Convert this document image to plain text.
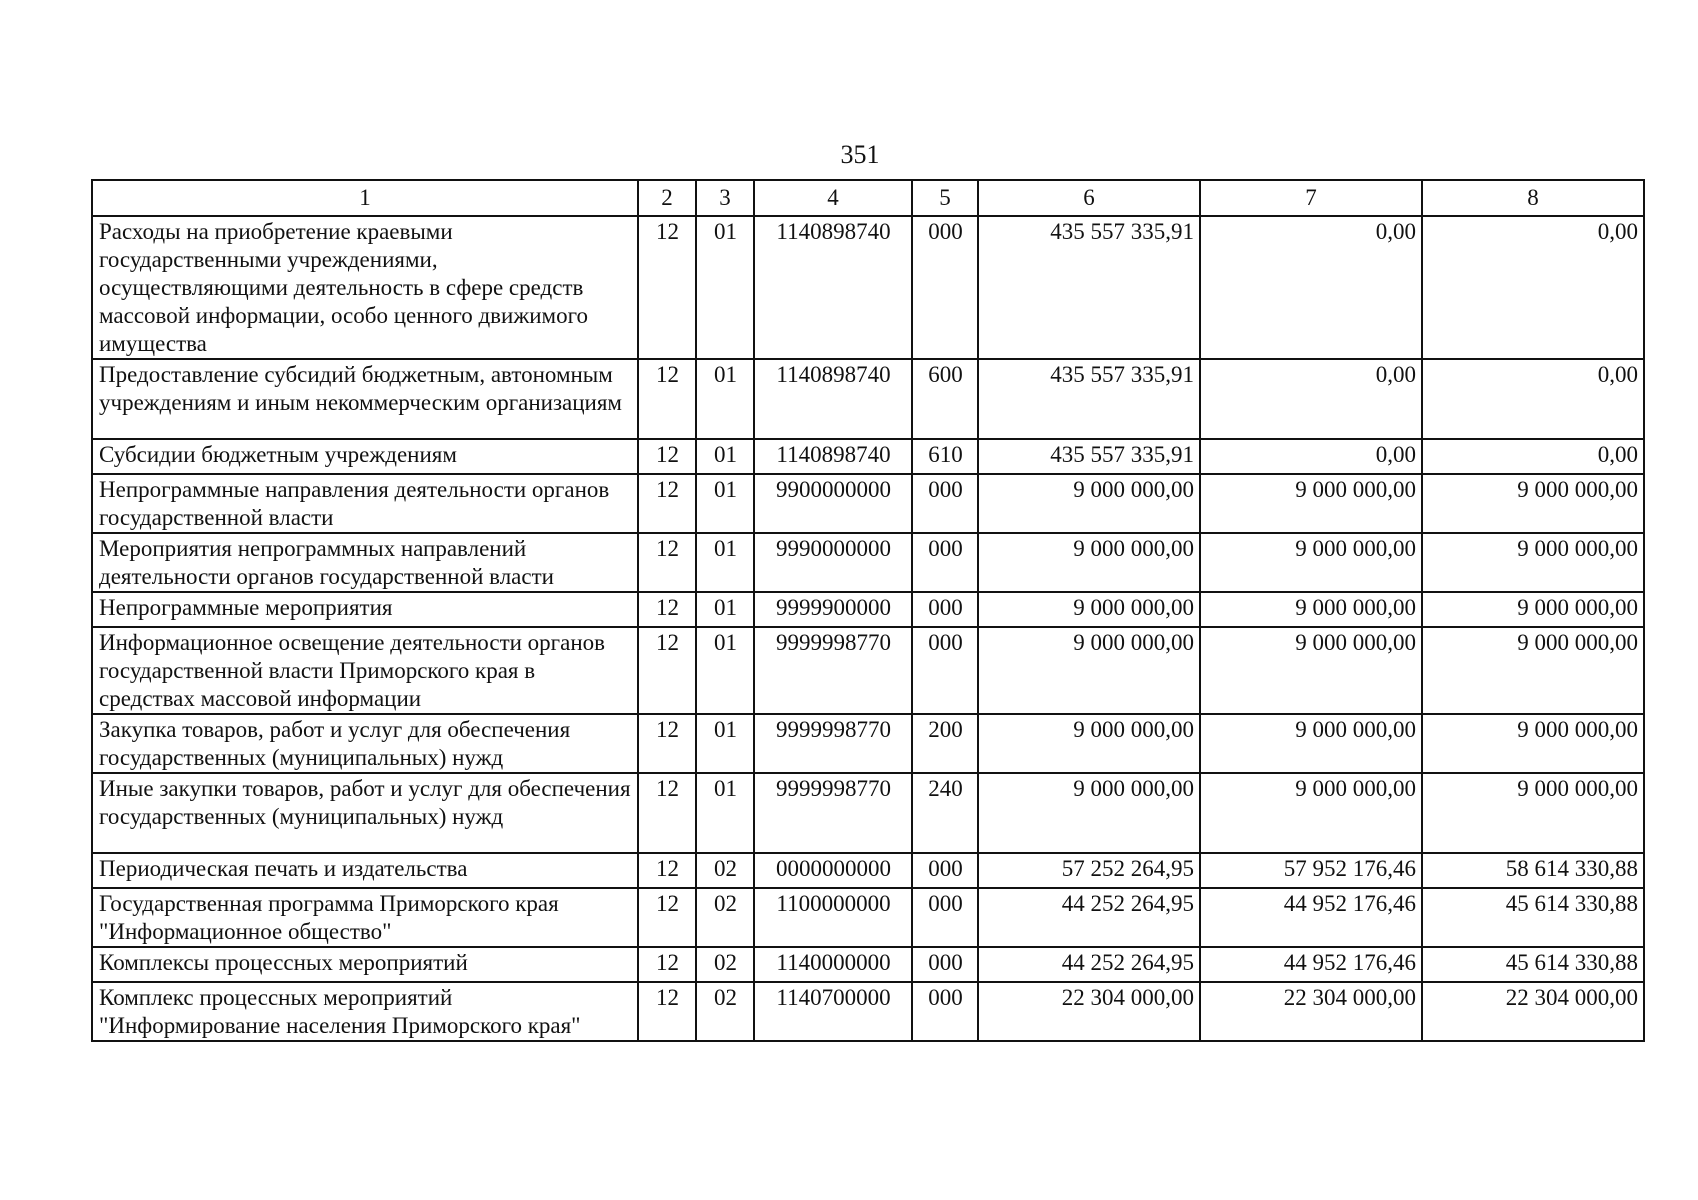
351
1	2	3	4	5	6	7	8
Расходы на приобретение краевыми государственными учреждениями, осуществляющими деятельность в сфере средств массовой информации, особо ценного движимого имущества	12	01	1140898740	000	435 557 335,91	0,00	0,00
Предоставление субсидий бюджетным, автономным учреждениям и иным некоммерческим организациям	12	01	1140898740	600	435 557 335,91	0,00	0,00
Субсидии бюджетным учреждениям	12	01	1140898740	610	435 557 335,91	0,00	0,00
Непрограммные направления деятельности органов государственной власти	12	01	9900000000	000	9 000 000,00	9 000 000,00	9 000 000,00
Мероприятия непрограммных направлений деятельности органов государственной власти	12	01	9990000000	000	9 000 000,00	9 000 000,00	9 000 000,00
Непрограммные мероприятия	12	01	9999900000	000	9 000 000,00	9 000 000,00	9 000 000,00
Информационное освещение деятельности органов государственной власти Приморского края в средствах массовой информации	12	01	9999998770	000	9 000 000,00	9 000 000,00	9 000 000,00
Закупка товаров, работ и услуг для обеспечения государственных (муниципальных) нужд	12	01	9999998770	200	9 000 000,00	9 000 000,00	9 000 000,00
Иные закупки товаров, работ и услуг для обеспечения государственных (муниципальных) нужд	12	01	9999998770	240	9 000 000,00	9 000 000,00	9 000 000,00
Периодическая печать и издательства	12	02	0000000000	000	57 252 264,95	57 952 176,46	58 614 330,88
Государственная программа Приморского края "Информационное общество"	12	02	1100000000	000	44 252 264,95	44 952 176,46	45 614 330,88
Комплексы процессных мероприятий	12	02	1140000000	000	44 252 264,95	44 952 176,46	45 614 330,88
Комплекс процессных мероприятий "Информирование населения Приморского края"	12	02	1140700000	000	22 304 000,00	22 304 000,00	22 304 000,00
